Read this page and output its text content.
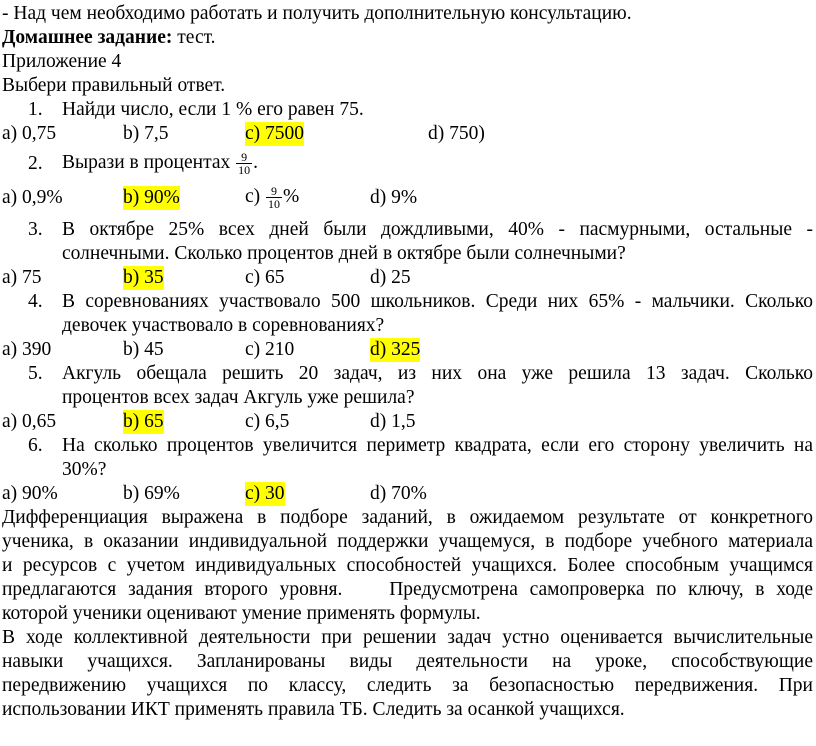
- Над чем необходимо работать и получить дополнительную консультацию.
Домашнее задание: тест.
Приложение 4
Выбери правильный ответ.
1. Найди число, если 1 % его равен 75.
a) 0,75	b) 7,5	c) 7500	d) 750)
2. Вырази в процентах $\frac{9}{10}$ .
a) 0,9%	b) 90%	$c) \frac{9}{10}$ %	d) 9%
3. В октябре 25% всех дней были дождливыми, 40% - пасмурными, остальные -
солнечными. Сколько процентов дней в октябре были солнечными?
a) 75	b) 35	c) 65	d) 25
4. В соревнованиях участвовало 500 школьников. Среди них 65% - мальчики. Сколько
девочек участвовало в соревнованиях?
a) 390	b) 45	c) 210	d) 325
5. Акгуль обещала решить 20 задач, из них она уже решила 13 задач. Сколько
процентов всех задач Акгуль уже решила?
a) 0,65	b) 65	c) 6,5	d) 1,5
6. На сколько процентов увеличится периметр квадрата, если его сторону увеличить на
30%?
a) 90%	b) 69%	c) 30	d) 70%
Дифференциация выражена в подборе заданий, в ожидаемом результате от конкретного
ученика, в оказании индивидуальной поддержки учащемуся, в подборе учебного материала
и ресурсов с учетом индивидуальных способностей учащихся. Более способным учащимся
предлагаются задания второго уровня.    Предусмотрена самопроверка по ключу, в ходе
которой ученики оценивают умение применять формулы.
В ходе коллективной деятельности при решении задач устно оценивается вычислительные
навыки учащихся. Запланированы виды деятельности на уроке, способствующие
передвижению учащихся по классу, следить за безопасностью передвижения. При
использовании ИКТ применять правила ТБ. Следить за осанкой учащихся.
